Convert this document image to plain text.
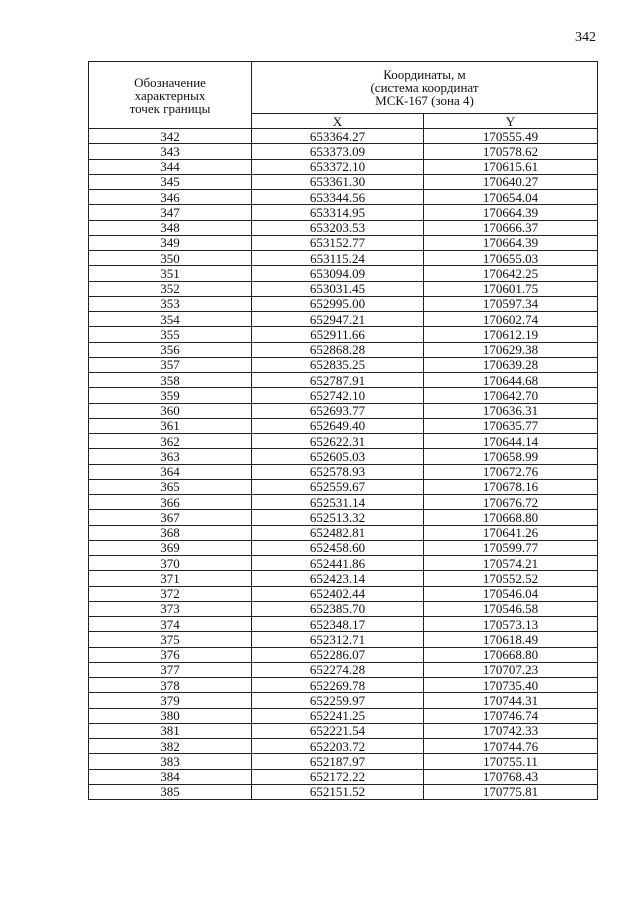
342
Обозначение
характерных
точек границы	Координаты, м
(система координат
МСК-167 (зона 4)	
	X	Y
342	653364.27	170555.49
343	653373.09	170578.62
344	653372.10	170615.61
345	653361.30	170640.27
346	653344.56	170654.04
347	653314.95	170664.39
348	653203.53	170666.37
349	653152.77	170664.39
350	653115.24	170655.03
351	653094.09	170642.25
352	653031.45	170601.75
353	652995.00	170597.34
354	652947.21	170602.74
355	652911.66	170612.19
356	652868.28	170629.38
357	652835.25	170639.28
358	652787.91	170644.68
359	652742.10	170642.70
360	652693.77	170636.31
361	652649.40	170635.77
362	652622.31	170644.14
363	652605.03	170658.99
364	652578.93	170672.76
365	652559.67	170678.16
366	652531.14	170676.72
367	652513.32	170668.80
368	652482.81	170641.26
369	652458.60	170599.77
370	652441.86	170574.21
371	652423.14	170552.52
372	652402.44	170546.04
373	652385.70	170546.58
374	652348.17	170573.13
375	652312.71	170618.49
376	652286.07	170668.80
377	652274.28	170707.23
378	652269.78	170735.40
379	652259.97	170744.31
380	652241.25	170746.74
381	652221.54	170742.33
382	652203.72	170744.76
383	652187.97	170755.11
384	652172.22	170768.43
385	652151.52	170775.81
